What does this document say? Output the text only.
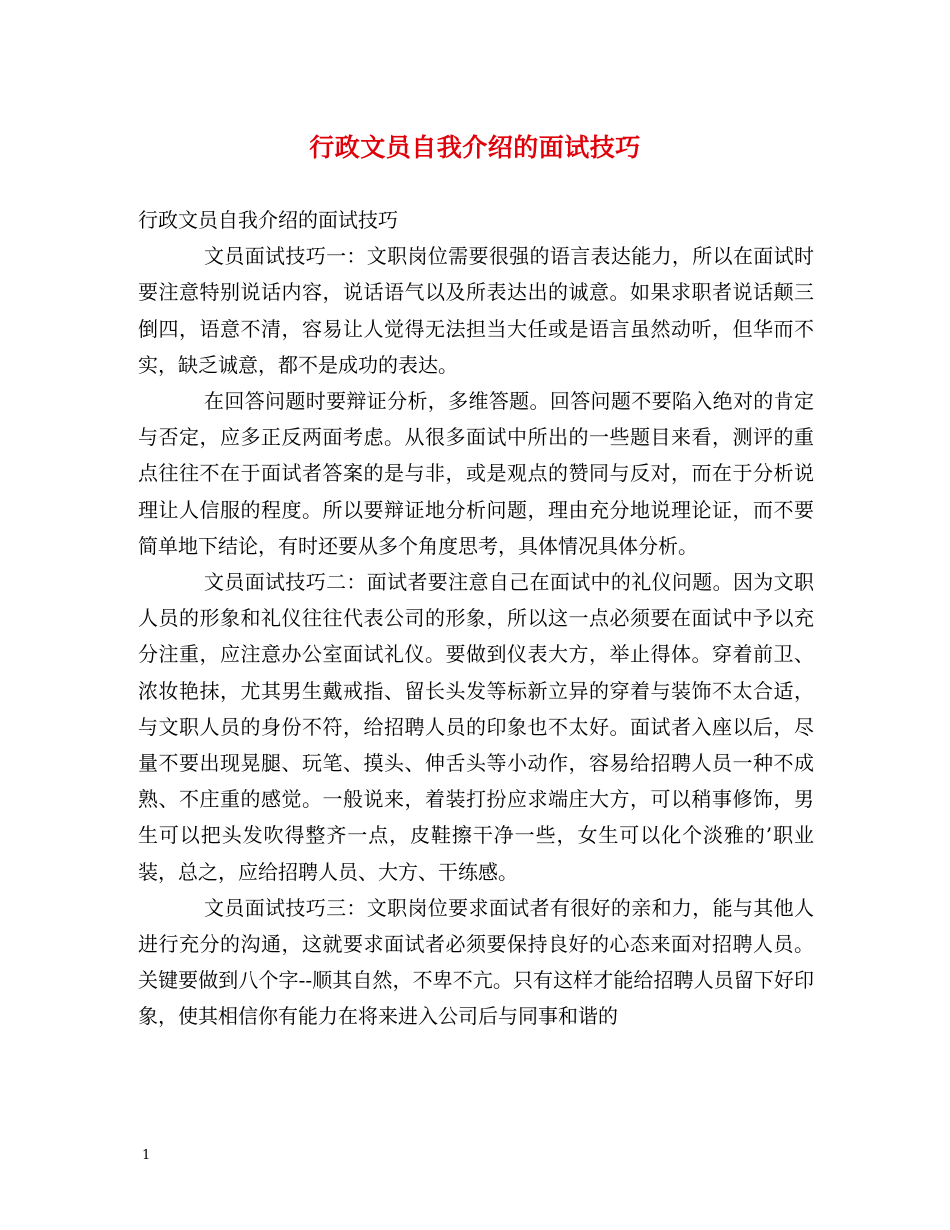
行政文员自我介绍的面试技巧

行政文员自我介绍的面试技巧

文员面试技巧一：文职岗位需要很强的语言表达能力，所以在面试时要注意特别说话内容，说话语气以及所表达出的诚意。如果求职者说话颠三倒四，语意不清，容易让人觉得无法担当大任或是语言虽然动听，但华而不实，缺乏诚意，都不是成功的表达。

在回答问题时要辩证分析，多维答题。回答问题不要陷入绝对的肯定与否定，应多正反两面考虑。从很多面试中所出的一些题目来看，测评的重点往往不在于面试者答案的是与非，或是观点的赞同与反对，而在于分析说理让人信服的程度。所以要辩证地分析问题，理由充分地说理论证，而不要简单地下结论，有时还要从多个角度思考，具体情况具体分析。

文员面试技巧二：面试者要注意自己在面试中的礼仪问题。因为文职人员的形象和礼仪往往代表公司的形象，所以这一点必须要在面试中予以充分注重，应注意办公室面试礼仪。要做到仪表大方，举止得体。穿着前卫、浓妆艳抹，尤其男生戴戒指、留长头发等标新立异的穿着与装饰不太合适，与文职人员的身份不符，给招聘人员的印象也不太好。面试者入座以后，尽量不要出现晃腿、玩笔、摸头、伸舌头等小动作，容易给招聘人员一种不成熟、不庄重的感觉。一般说来，着装打扮应求端庄大方，可以稍事修饰，男生可以把头发吹得整齐一点，皮鞋擦干净一些，女生可以化个淡雅的’职业装，总之，应给招聘人员、大方、干练感。

文员面试技巧三：文职岗位要求面试者有很好的亲和力，能与其他人进行充分的沟通，这就要求面试者必须要保持良好的心态来面对招聘人员。关键要做到八个字--顺其自然，不卑不亢。只有这样才能给招聘人员留下好印象，使其相信你有能力在将来进入公司后与同事和谐的

1
